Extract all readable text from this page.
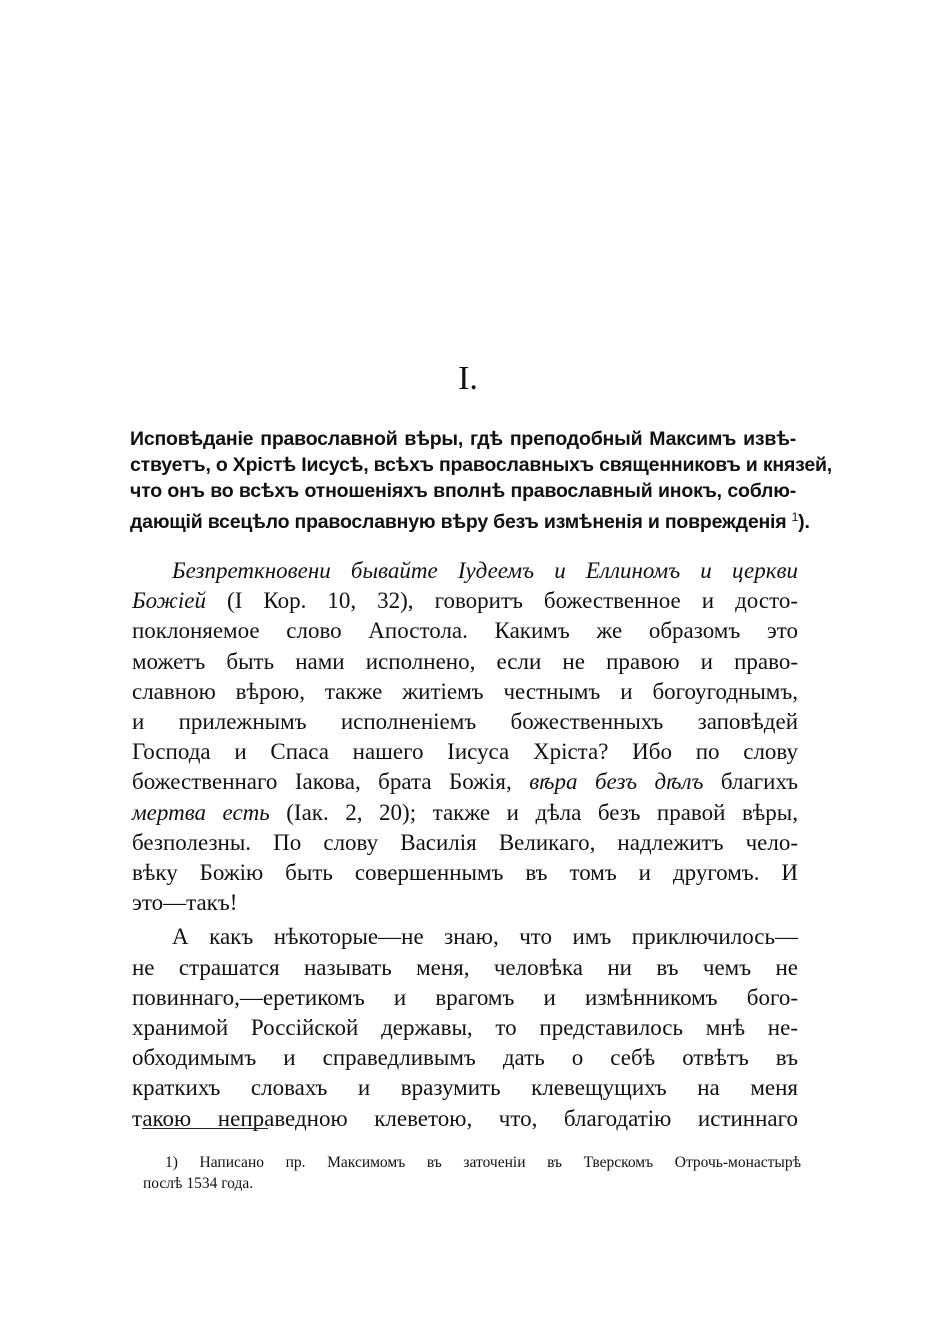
I.
Исповѣданіе православной вѣры, гдѣ преподобный Максимъ извѣ-
ствуетъ, о Хрістѣ Іисусѣ, всѣхъ православныхъ священниковъ и князей,
что онъ во всѣхъ отношеніяхъ вполнѣ православный инокъ, соблю-
дающій всецѣло православную вѣру безъ измѣненія и поврежденія $^1$).
Безпреткновени бывайте Іудеемъ и Еллиномъ и церкви
Божіей (I Кор. 10, 32), говоритъ божественное и досто-
поклоняемое слово Апостола. Какимъ же образомъ это
можетъ быть нами исполнено, если не правою и право-
славною вѣрою, также житіемъ честнымъ и богоугоднымъ,
и прилежнымъ исполненіемъ божественныхъ заповѣдей
Господа и Спаса нашего Іисуса Хріста? Ибо по слову
божественнаго Іакова, брата Божія, вѣра безъ дѣлъ благихъ
мертва есть (Іак. 2, 20); также и дѣла безъ правой вѣры,
безполезны. По слову Василія Великаго, надлежитъ чело-
вѣку Божію быть совершеннымъ въ томъ и другомъ. И
это—такъ!
А какъ нѣкоторые—не знаю, что имъ приключилось—
не страшатся называть меня, человѣка ни въ чемъ не
повиннаго,—еретикомъ и врагомъ и измѣнникомъ бого-
хранимой Россійской державы, то представилось мнѣ не-
обходимымъ и справедливымъ дать о себѣ отвѣтъ въ
краткихъ словахъ и вразумить клевещущихъ на меня
такою неправедною клеветою, что, благодатію истиннаго
1) Написано пр. Максимомъ въ заточеніи въ Тверскомъ Отрочь-монастырѣ
послѣ 1534 года.
